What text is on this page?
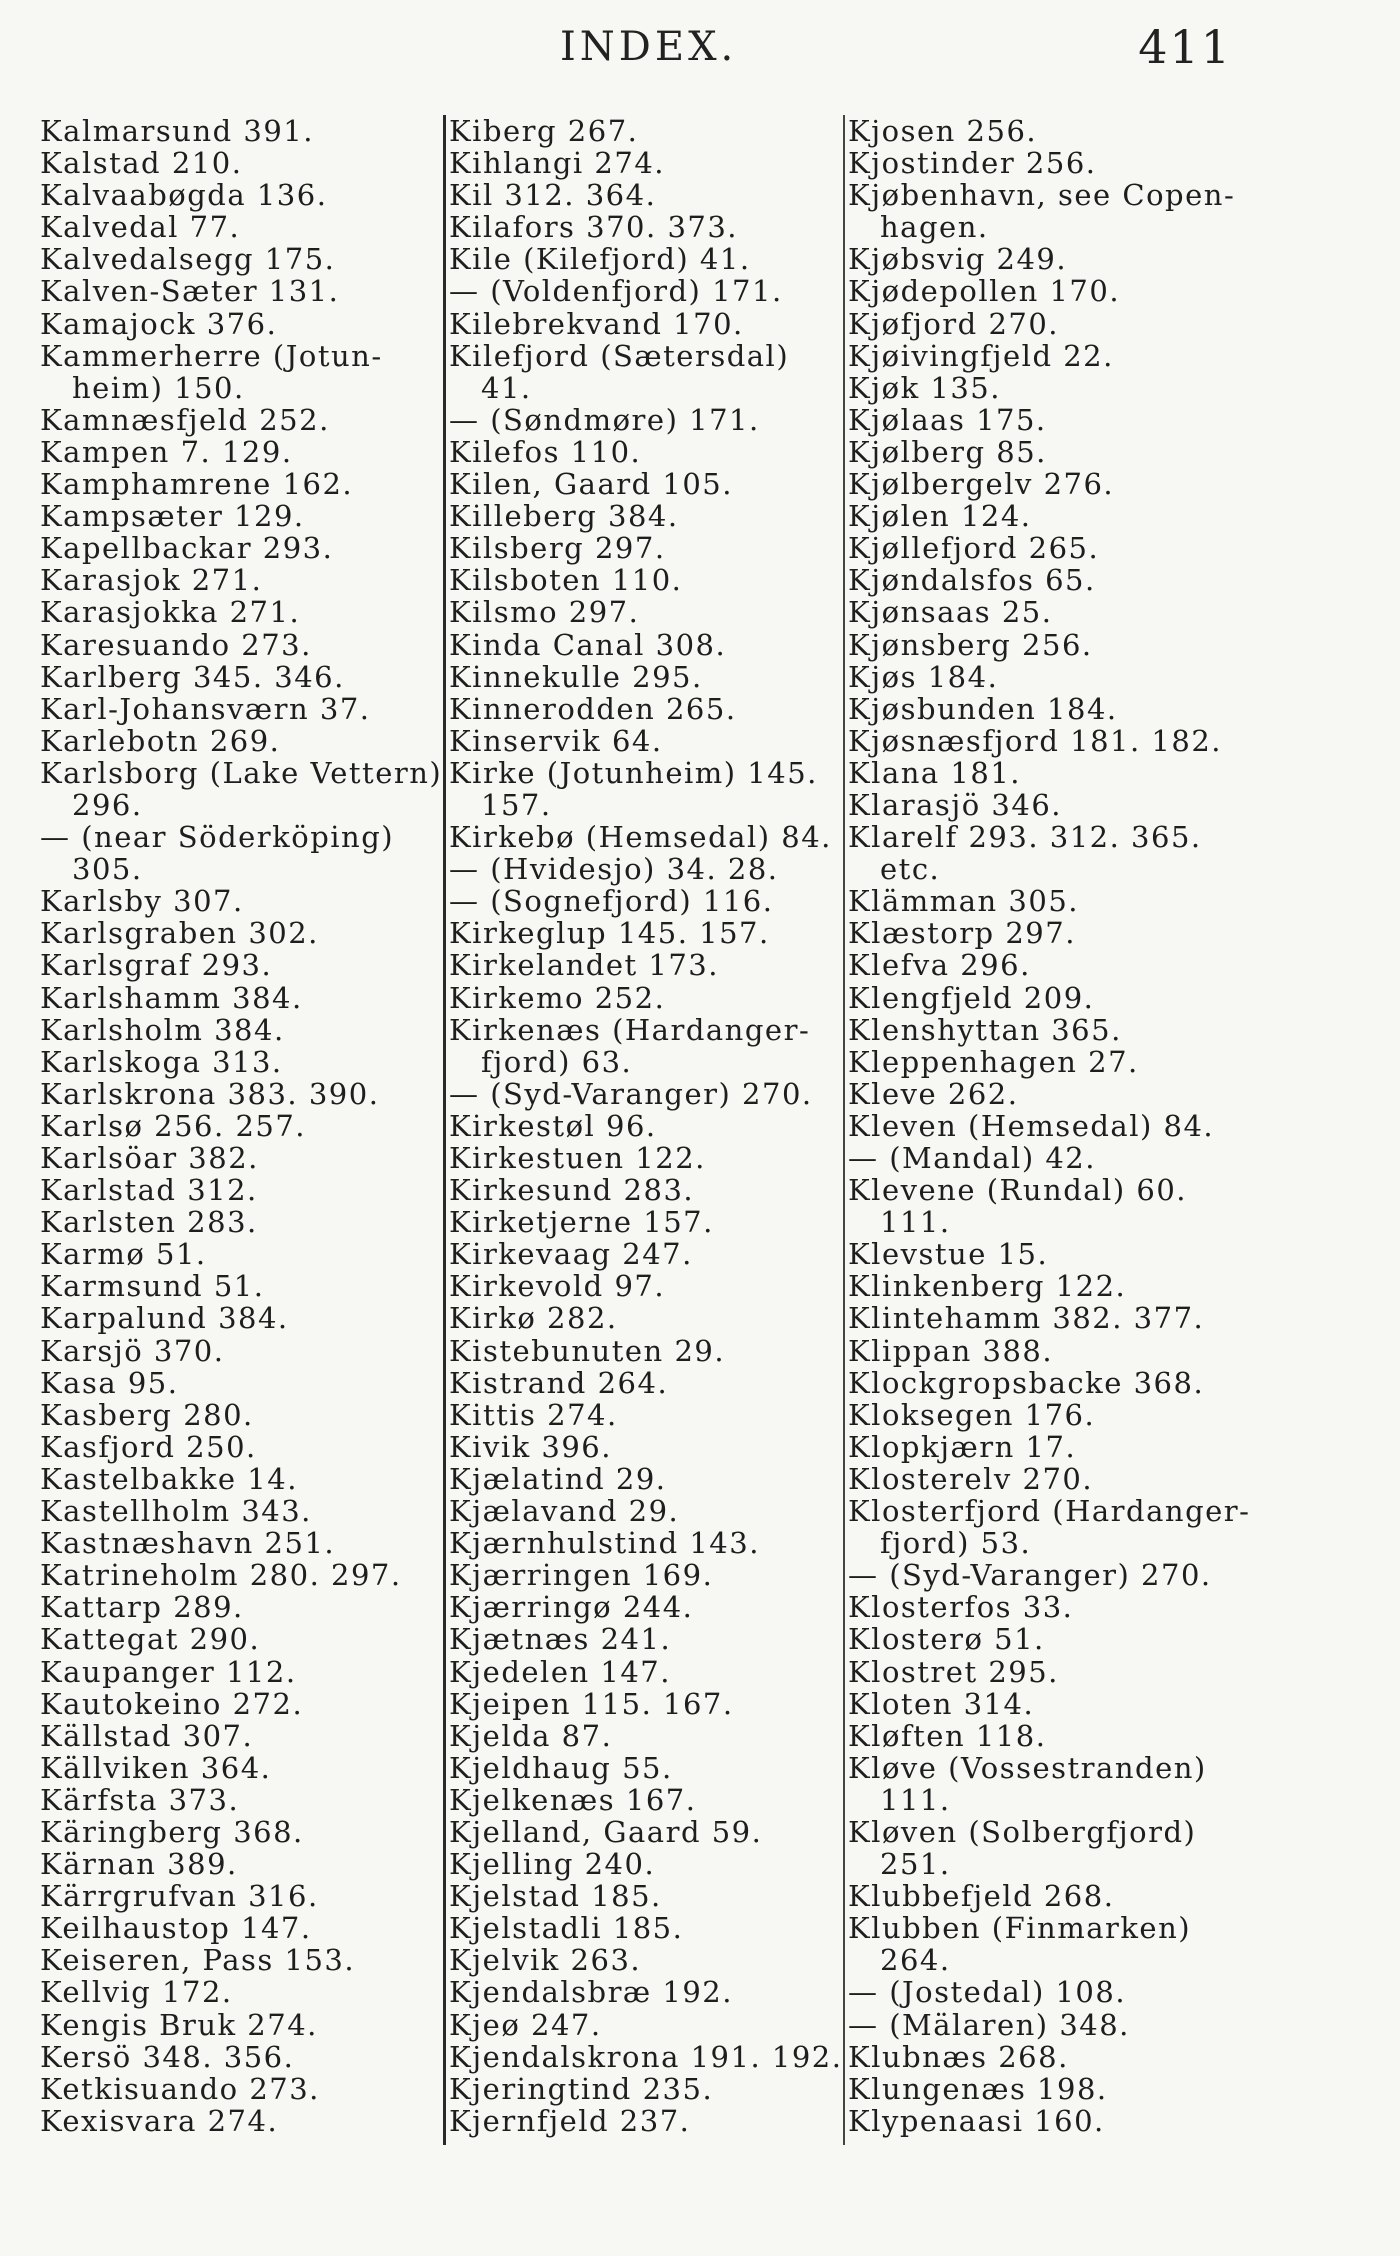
INDEX.	411
Kalmarsund 391.
Kalstad 210.
Kalvaabøgda 136.
Kalvedal 77.
Kalvedalsegg 175.
Kalven-Sæter 131.
Kamajock 376.
Kammerherre (Jotun-
heim) 150.
Kamnæsfjeld 252.
Kampen 7. 129.
Kamphamrene 162.
Kampsæter 129.
Kapellbackar 293.
Karasjok 271.
Karasjokka 271.
Karesuando 273.
Karlberg 345. 346.
Karl-Johansværn 37.
Karlebotn 269.
Karlsborg (Lake Vettern)
296.
— (near Söderköping)
305.
Karlsby 307.
Karlsgraben 302.
Karlsgraf 293.
Karlshamm 384.
Karlsholm 384.
Karlskoga 313.
Karlskrona 383. 390.
Karlsø 256. 257.
Karlsöar 382.
Karlstad 312.
Karlsten 283.
Karmø 51.
Karmsund 51.
Karpalund 384.
Karsjö 370.
Kasa 95.
Kasberg 280.
Kasfjord 250.
Kastelbakke 14.
Kastellholm 343.
Kastnæshavn 251.
Katrineholm 280. 297.
Kattarp 289.
Kattegat 290.
Kaupanger 112.
Kautokeino 272.
Källstad 307.
Källviken 364.
Kärfsta 373.
Käringberg 368.
Kärnan 389.
Kärrgrufvan 316.
Keilhaustop 147.
Keiseren, Pass 153.
Kellvig 172.
Kengis Bruk 274.
Kersö 348. 356.
Ketkisuando 273.
Kexisvara 274.
Kiberg 267.
Kihlangi 274.
Kil 312. 364.
Kilafors 370. 373.
Kile (Kilefjord) 41.
— (Voldenfjord) 171.
Kilebrekvand 170.
Kilefjord (Sætersdal)
41.
— (Søndmøre) 171.
Kilefos 110.
Kilen, Gaard 105.
Killeberg 384.
Kilsberg 297.
Kilsboten 110.
Kilsmo 297.
Kinda Canal 308.
Kinnekulle 295.
Kinnerodden 265.
Kinservik 64.
Kirke (Jotunheim) 145.
157.
Kirkebø (Hemsedal) 84.
— (Hvidesjo) 34. 28.
— (Sognefjord) 116.
Kirkeglup 145. 157.
Kirkelandet 173.
Kirkemo 252.
Kirkenæs (Hardanger-
fjord) 63.
— (Syd-Varanger) 270.
Kirkestøl 96.
Kirkestuen 122.
Kirkesund 283.
Kirketjerne 157.
Kirkevaag 247.
Kirkevold 97.
Kirkø 282.
Kistebunuten 29.
Kistrand 264.
Kittis 274.
Kivik 396.
Kjælatind 29.
Kjælavand 29.
Kjærnhulstind 143.
Kjærringen 169.
Kjærringø 244.
Kjætnæs 241.
Kjedelen 147.
Kjeipen 115. 167.
Kjelda 87.
Kjeldhaug 55.
Kjelkenæs 167.
Kjelland, Gaard 59.
Kjelling 240.
Kjelstad 185.
Kjelstadli 185.
Kjelvik 263.
Kjendalsbræ 192.
Kjeø 247.
Kjendalskrona 191. 192.
Kjeringtind 235.
Kjernfjeld 237.
Kjosen 256.
Kjostinder 256.
Kjøbenhavn, see Copen-
hagen.
Kjøbsvig 249.
Kjødepollen 170.
Kjøfjord 270.
Kjøivingfjeld 22.
Kjøk 135.
Kjølaas 175.
Kjølberg 85.
Kjølbergelv 276.
Kjølen 124.
Kjøllefjord 265.
Kjøndalsfos 65.
Kjønsaas 25.
Kjønsberg 256.
Kjøs 184.
Kjøsbunden 184.
Kjøsnæsfjord 181. 182.
Klana 181.
Klarasjö 346.
Klarelf 293. 312. 365.
etc.
Klämman 305.
Klæstorp 297.
Klefva 296.
Klengfjeld 209.
Klenshyttan 365.
Kleppenhagen 27.
Kleve 262.
Kleven (Hemsedal) 84.
— (Mandal) 42.
Klevene (Rundal) 60.
111.
Klevstue 15.
Klinkenberg 122.
Klintehamm 382. 377.
Klippan 388.
Klockgropsbacke 368.
Kloksegen 176.
Klopkjærn 17.
Klosterelv 270.
Klosterfjord (Hardanger-
fjord) 53.
— (Syd-Varanger) 270.
Klosterfos 33.
Klosterø 51.
Klostret 295.
Kloten 314.
Kløften 118.
Kløve (Vossestranden)
111.
Kløven (Solbergfjord)
251.
Klubbefjeld 268.
Klubben (Finmarken)
264.
— (Jostedal) 108.
— (Mälaren) 348.
Klubnæs 268.
Klungenæs 198.
Klypenaasi 160.
